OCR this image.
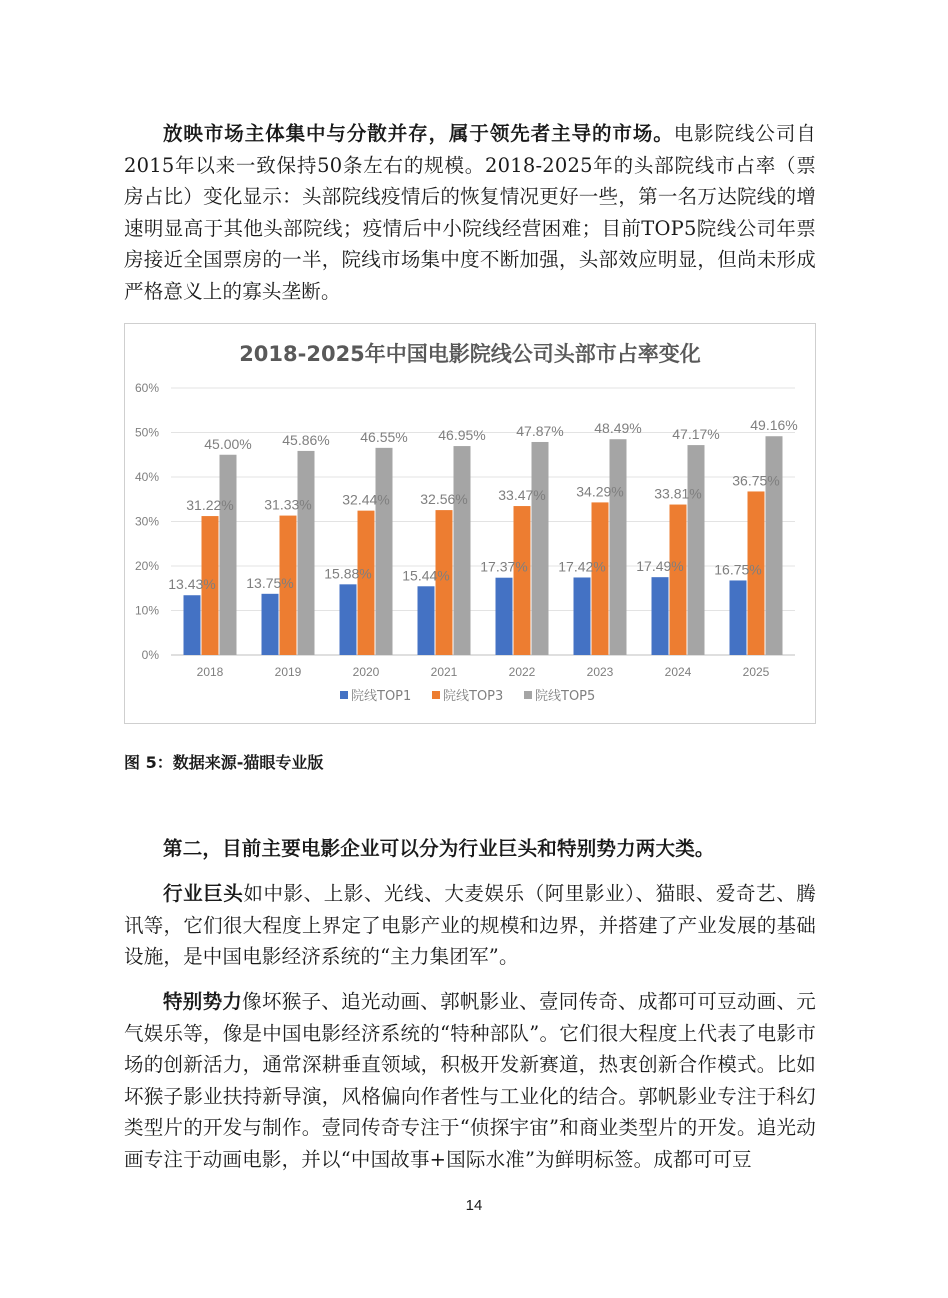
放映市场主体集中与分散并存，属于领先者主导的市场。电影院线公司自2015年以来一致保持50条左右的规模。2018-2025年的头部院线市占率（票房占比）变化显示：头部院线疫情后的恢复情况更好一些，第一名万达院线的增速明显高于其他头部院线；疫情后中小院线经营困难；目前TOP5院线公司年票房接近全国票房的一半，院线市场集中度不断加强，头部效应明显，但尚未形成严格意义上的寡头垄断。

2018-2025年中国电影院线公司头部市占率变化
0%
10%
20%
30%
40%
50%
60%
13.43%
31.22%
45.00%
13.75%
31.33%
45.86%
15.88%
32.44%
46.55%
15.44%
32.56%
46.95%
17.37%
33.47%
47.87%
17.42%
34.29%
48.49%
17.49%
33.81%
47.17%
16.75%
36.75%
49.16%
2018	2019	2020	2021	2022	2023	2024	2025
院线TOP1 院线TOP3 院线TOP5

图 5：数据来源-猫眼专业版

第二，目前主要电影企业可以分为行业巨头和特别势力两大类。

行业巨头如中影、上影、光线、大麦娱乐（阿里影业）、猫眼、爱奇艺、腾讯等，它们很大程度上界定了电影产业的规模和边界，并搭建了产业发展的基础设施，是中国电影经济系统的“主力集团军”。

特别势力像坏猴子、追光动画、郭帆影业、壹同传奇、成都可可豆动画、元气娱乐等，像是中国电影经济系统的“特种部队”。它们很大程度上代表了电影市场的创新活力，通常深耕垂直领域，积极开发新赛道，热衷创新合作模式。比如坏猴子影业扶持新导演，风格偏向作者性与工业化的结合。郭帆影业专注于科幻类型片的开发与制作。壹同传奇专注于“侦探宇宙”和商业类型片的开发。追光动画专注于动画电影，并以“中国故事+国际水准”为鲜明标签。成都可可豆

14
